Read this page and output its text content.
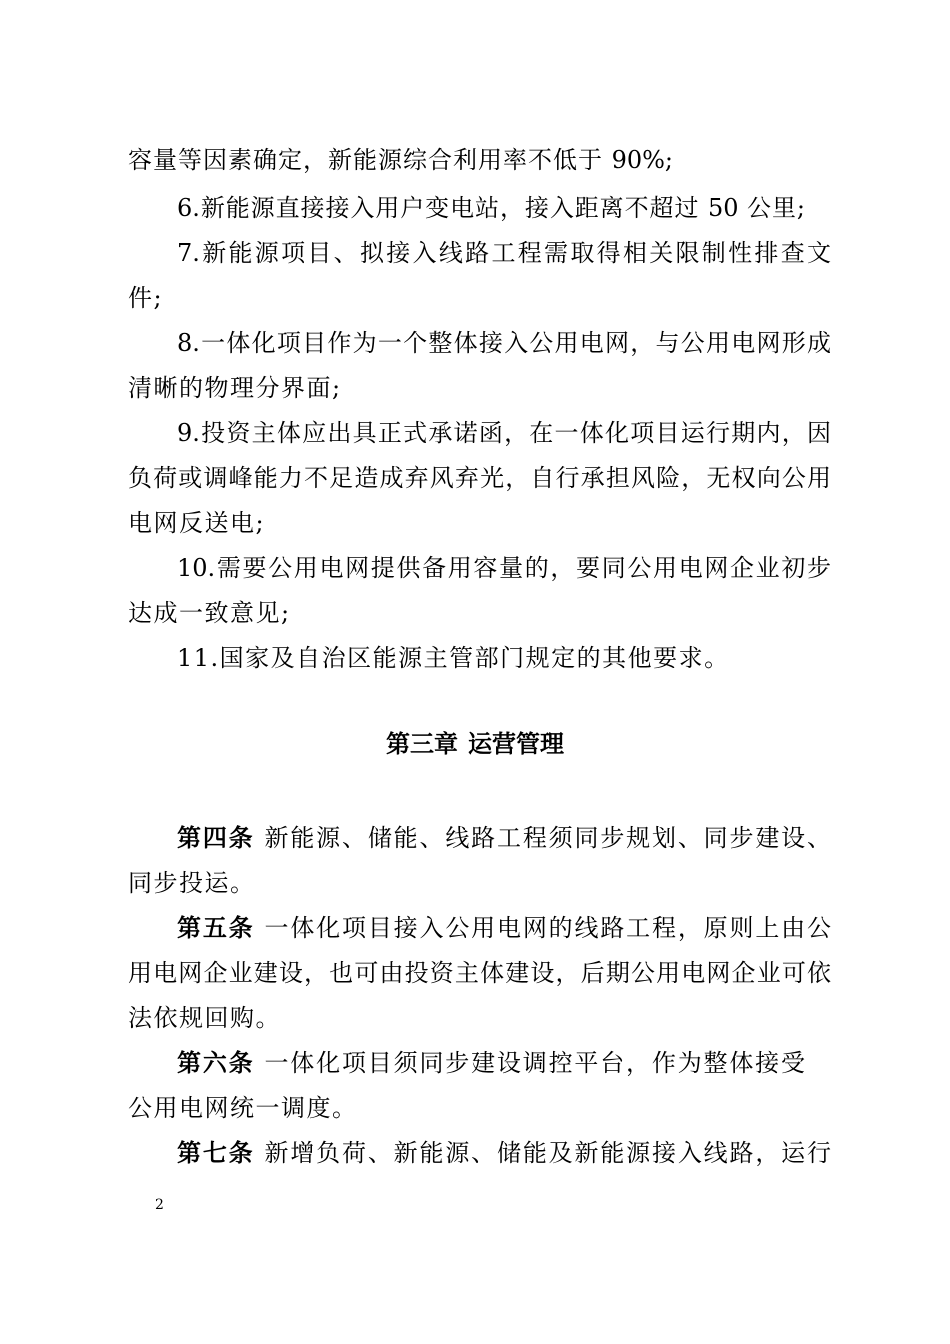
容量等因素确定，新能源综合利用率不低于 90%;
6.新能源直接接入用户变电站，接入距离不超过 50 公里;
7.新能源项目、拟接入线路工程需取得相关限制性排查文
件;
8.一体化项目作为一个整体接入公用电网，与公用电网形成
清晰的物理分界面;
9.投资主体应出具正式承诺函，在一体化项目运行期内，因
负荷或调峰能力不足造成弃风弃光，自行承担风险，无权向公用
电网反送电;
10.需要公用电网提供备用容量的，要同公用电网企业初步
达成一致意见;
11.国家及自治区能源主管部门规定的其他要求。
第三章 运营管理
第四条 新能源、储能、线路工程须同步规划、同步建设、
同步投运。
第五条 一体化项目接入公用电网的线路工程，原则上由公
用电网企业建设，也可由投资主体建设，后期公用电网企业可依
法依规回购。
第六条 一体化项目须同步建设调控平台，作为整体接受
公用电网统一调度。
第七条 新增负荷、新能源、储能及新能源接入线路，运行
2
